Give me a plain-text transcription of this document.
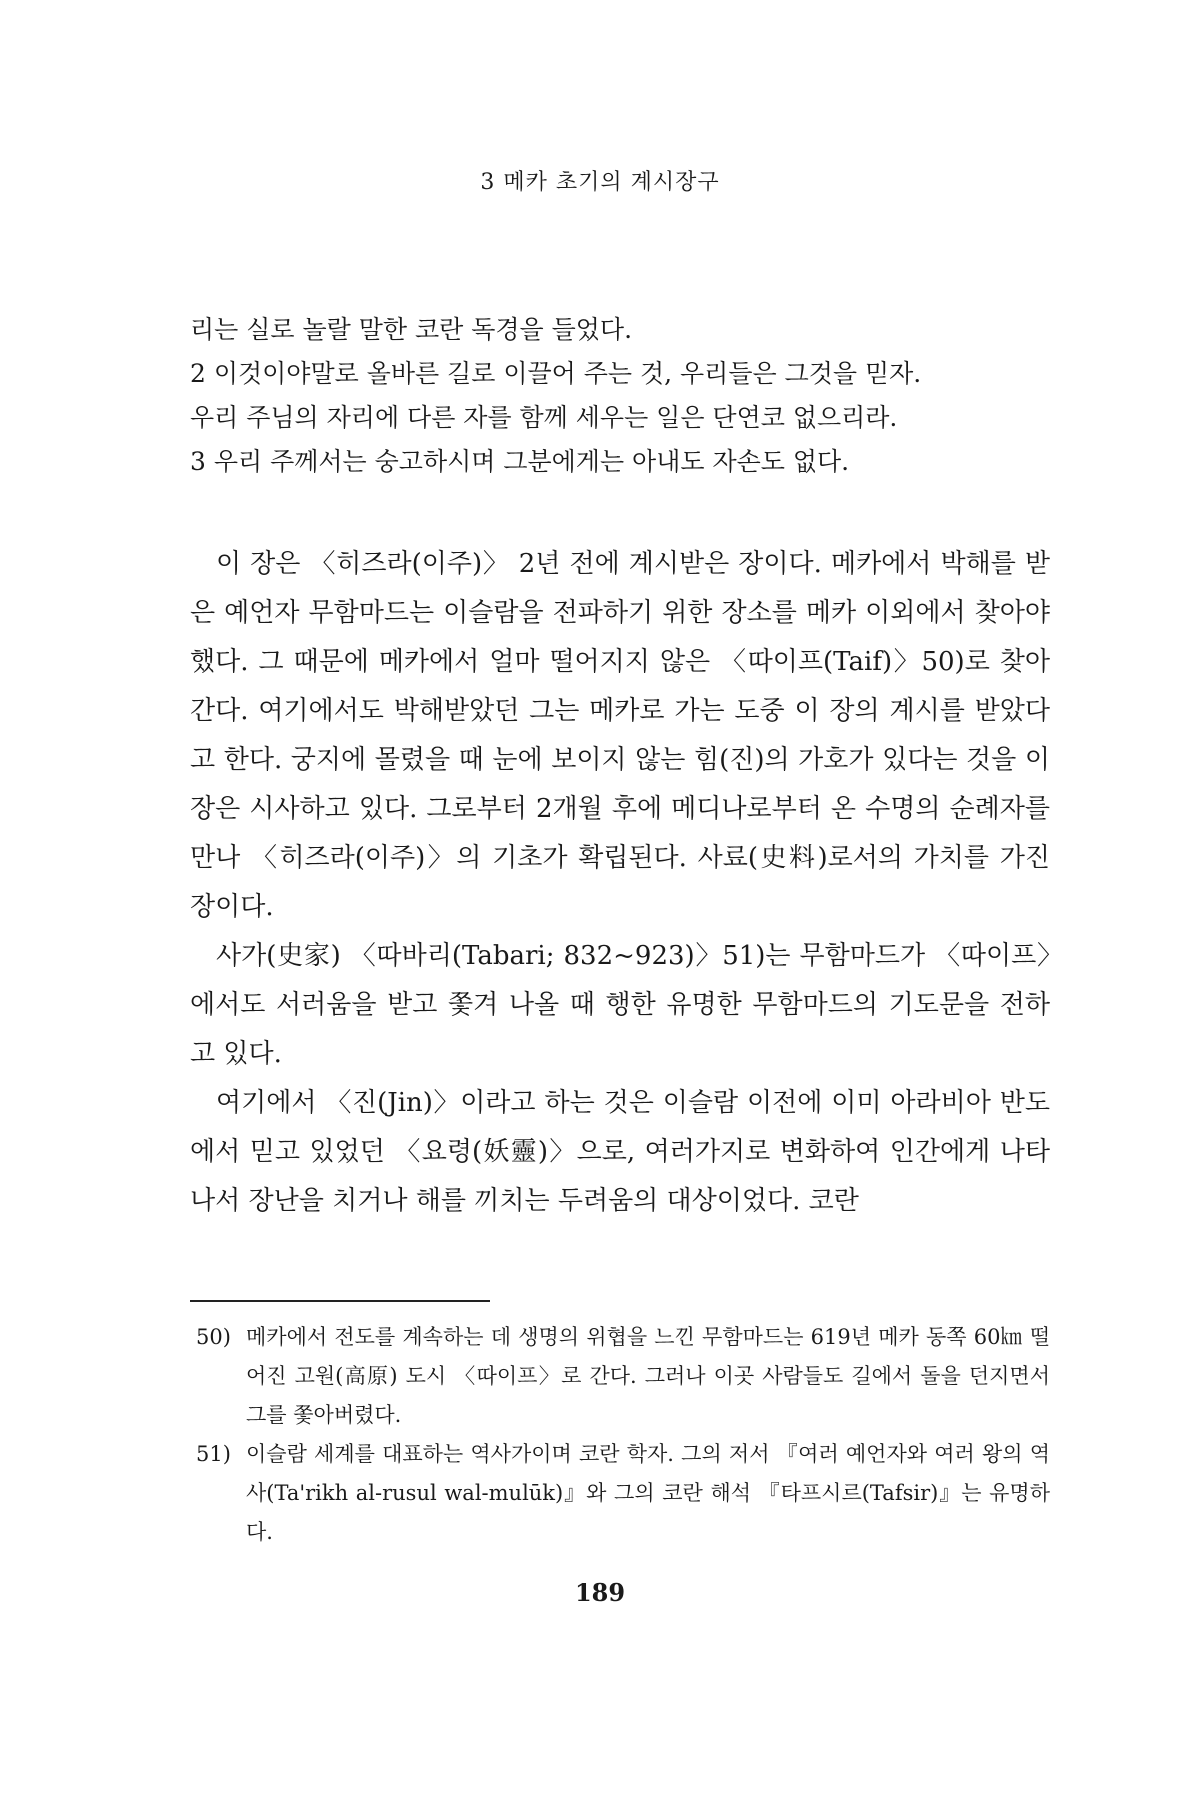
3 메카 초기의 계시장구
리는 실로 놀랄 말한 코란 독경을 들었다.
2 이것이야말로 올바른 길로 이끌어 주는 것, 우리들은 그것을 믿자.
우리 주님의 자리에 다른 자를 함께 세우는 일은 단연코 없으리라.
3 우리 주께서는 숭고하시며 그분에게는 아내도 자손도 없다.

이 장은 〈히즈라(이주)〉 2년 전에 계시받은 장이다. 메카에서 박해를 받은 예언자 무함마드는 이슬람을 전파하기 위한 장소를 메카 이외에서 찾아야 했다. 그 때문에 메카에서 얼마 떨어지지 않은 〈따이프(Taif)〉50)로 찾아간다. 여기에서도 박해받았던 그는 메카로 가는 도중 이 장의 계시를 받았다고 한다. 궁지에 몰렸을 때 눈에 보이지 않는 힘(진)의 가호가 있다는 것을 이 장은 시사하고 있다. 그로부터 2개월 후에 메디나로부터 온 수명의 순례자를 만나 〈히즈라(이주)〉의 기초가 확립된다. 사료(史料)로서의 가치를 가진 장이다.

사가(史家) 〈따바리(Tabari; 832~923)〉51)는 무함마드가 〈따이프〉에서도 서러움을 받고 쫓겨 나올 때 행한 유명한 무함마드의 기도문을 전하고 있다.

여기에서 〈진(Jin)〉이라고 하는 것은 이슬람 이전에 이미 아라비아 반도에서 믿고 있었던 〈요령(妖靈)〉으로, 여러가지로 변화하여 인간에게 나타나서 장난을 치거나 해를 끼치는 두려움의 대상이었다. 코란

50) 메카에서 전도를 계속하는 데 생명의 위협을 느낀 무함마드는 619년 메카 동쪽 60㎞ 떨어진 고원(高原) 도시 〈따이프〉로 간다. 그러나 이곳 사람들도 길에서 돌을 던지면서 그를 쫓아버렸다.
51) 이슬람 세계를 대표하는 역사가이며 코란 학자. 그의 저서 『여러 예언자와 여러 왕의 역사(Ta'rikh al-rusul wal-mulūk)』와 그의 코란 해석 『타프시르(Tafsir)』는 유명하다.
189
